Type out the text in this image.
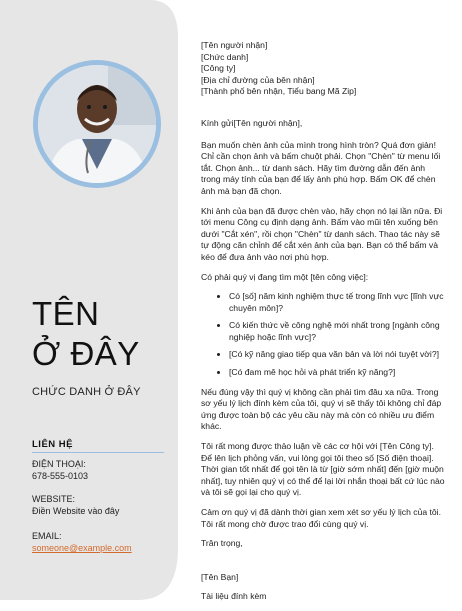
TÊN
Ở ĐÂY
CHỨC DANH Ở ĐÂY
LIÊN HỆ
ĐIỆN THOẠI:
678-555-0103
WEBSITE:
Điền Website vào đây
EMAIL:
someone@example.com

[Tên người nhận]

[Chức danh]

[Công ty]

[Địa chỉ đường của bên nhận]

[Thành phố bên nhận, Tiểu bang Mã Zip]

Kính gửi[Tên người nhận],

Bạn muốn chèn ảnh của mình trong hình tròn? Quá đơn giản! Chỉ cần chọn ảnh và bấm chuột phải. Chọn "Chèn" từ menu lối tắt. Chọn ảnh... từ danh sách. Hãy tìm đường dẫn đến ảnh trong máy tính của bạn để lấy ảnh phù hợp. Bấm OK để chèn ảnh mà bạn đã chọn.

Khi ảnh của bạn đã được chèn vào, hãy chọn nó lại lần nữa. Đi tới menu Công cụ định dạng ảnh. Bấm vào mũi tên xuống bên dưới "Cắt xén", rồi chọn "Chèn" từ danh sách. Thao tác này sẽ tự động căn chỉnh để cắt xén ảnh của bạn. Bạn có thể bấm và kéo để đưa ảnh vào nơi phù hợp.

Có phải quý vị đang tìm một [tên công việc]:

• Có [số] năm kinh nghiệm thực tế trong lĩnh vực [lĩnh vực chuyên môn]?
• Có kiến thức về công nghệ mới nhất trong [ngành công nghiệp hoặc lĩnh vực]?
• [Có kỹ năng giao tiếp qua văn bản và lời nói tuyệt vời?]
• [Có đam mê học hỏi và phát triển kỹ năng?]

Nếu đúng vậy thì quý vị không cần phải tìm đâu xa nữa. Trong sơ yếu lý lịch đính kèm của tôi, quý vị sẽ thấy tôi không chỉ đáp ứng được toàn bộ các yêu cầu này mà còn có nhiều ưu điểm khác.

Tôi rất mong được thảo luận về các cơ hội với [Tên Công ty]. Để lên lịch phỏng vấn, vui lòng gọi tôi theo số [Số điện thoại]. Thời gian tốt nhất để gọi tên là từ [giờ sớm nhất] đến [giờ muộn nhất], tuy nhiên quý vị có thể để lại lời nhắn thoại bất cứ lúc nào và tôi sẽ gọi lại cho quý vị.

Cảm ơn quý vị đã dành thời gian xem xét sơ yếu lý lịch của tôi. Tôi rất mong chờ được trao đổi cùng quý vị.

Trân trọng,

[Tên Bạn]

Tài liệu đính kèm
